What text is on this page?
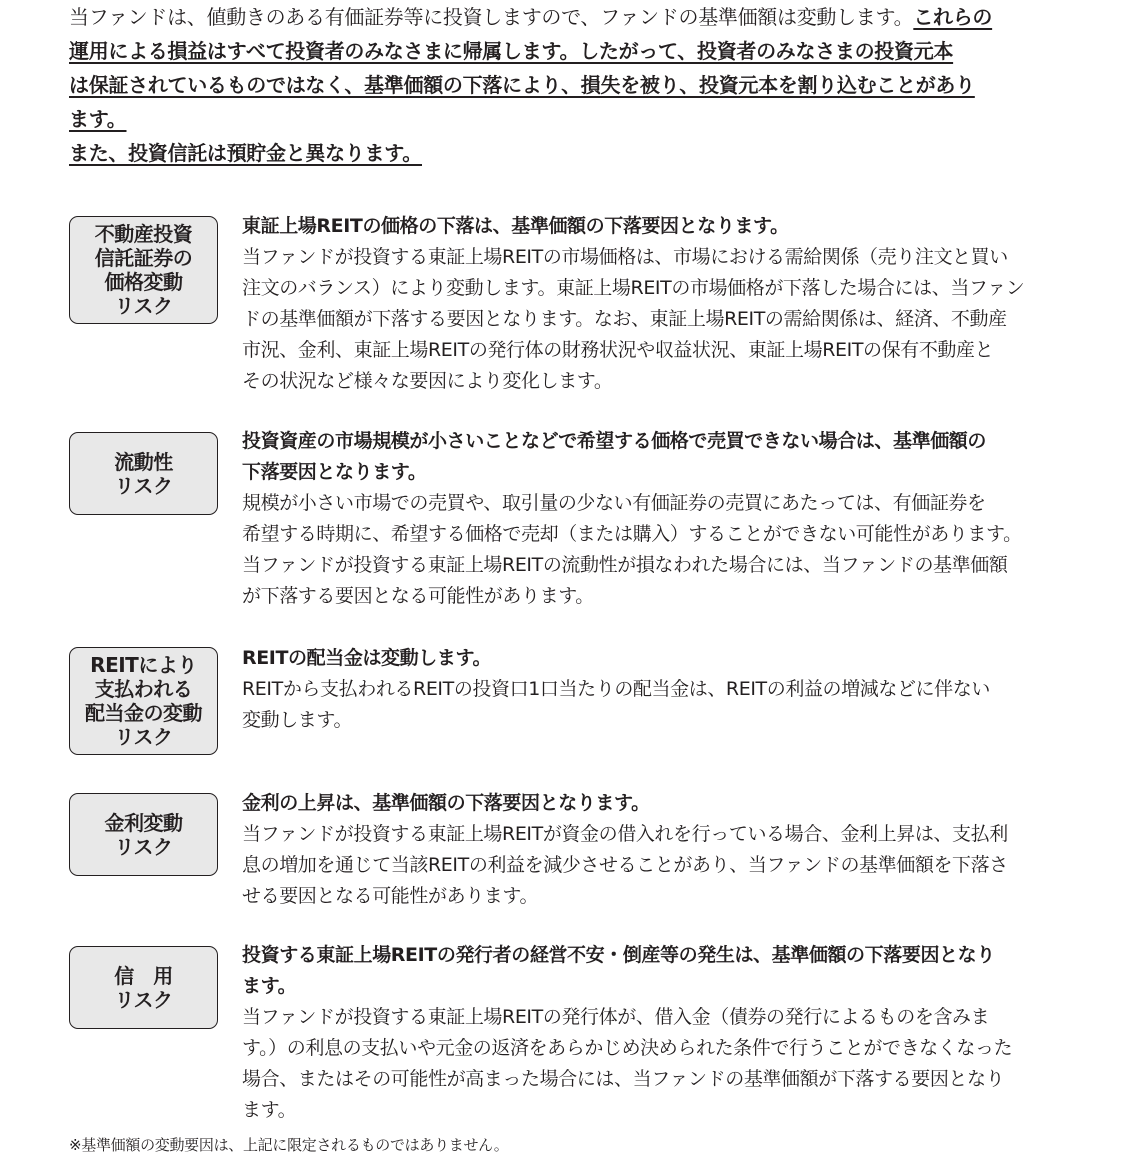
当ファンドは、値動きのある有価証券等に投資しますので、ファンドの基準価額は変動します。これらの
運用による損益はすべて投資者のみなさまに帰属します。したがって、投資者のみなさまの投資元本
は保証されているものではなく、基準価額の下落により、損失を被り、投資元本を割り込むことがあり
ます。
また、投資信託は預貯金と異なります。
不動産投資
信託証券の
価格変動
リスク
東証上場REITの価格の下落は、基準価額の下落要因となります。
当ファンドが投資する東証上場REITの市場価格は、市場における需給関係（売り注文と買い
注文のバランス）により変動します。東証上場REITの市場価格が下落した場合には、当ファン
ドの基準価額が下落する要因となります。なお、東証上場REITの需給関係は、経済、不動産
市況、金利、東証上場REITの発行体の財務状況や収益状況、東証上場REITの保有不動産と
その状況など様々な要因により変化します。
流動性
リスク
投資資産の市場規模が小さいことなどで希望する価格で売買できない場合は、基準価額の
下落要因となります。
規模が小さい市場での売買や、取引量の少ない有価証券の売買にあたっては、有価証券を
希望する時期に、希望する価格で売却（または購入）することができない可能性があります。
当ファンドが投資する東証上場REITの流動性が損なわれた場合には、当ファンドの基準価額
が下落する要因となる可能性があります。
REITにより
支払われる
配当金の変動
リスク
REITの配当金は変動します。
REITから支払われるREITの投資口1口当たりの配当金は、REITの利益の増減などに伴ない
変動します。
金利変動
リスク
金利の上昇は、基準価額の下落要因となります。
当ファンドが投資する東証上場REITが資金の借入れを行っている場合、金利上昇は、支払利
息の増加を通じて当該REITの利益を減少させることがあり、当ファンドの基準価額を下落さ
せる要因となる可能性があります。
信　用
リスク
投資する東証上場REITの発行者の経営不安・倒産等の発生は、基準価額の下落要因となり
ます。
当ファンドが投資する東証上場REITの発行体が、借入金（債券の発行によるものを含みま
す。）の利息の支払いや元金の返済をあらかじめ決められた条件で行うことができなくなった
場合、またはその可能性が高まった場合には、当ファンドの基準価額が下落する要因となり
ます。
※基準価額の変動要因は、上記に限定されるものではありません。
